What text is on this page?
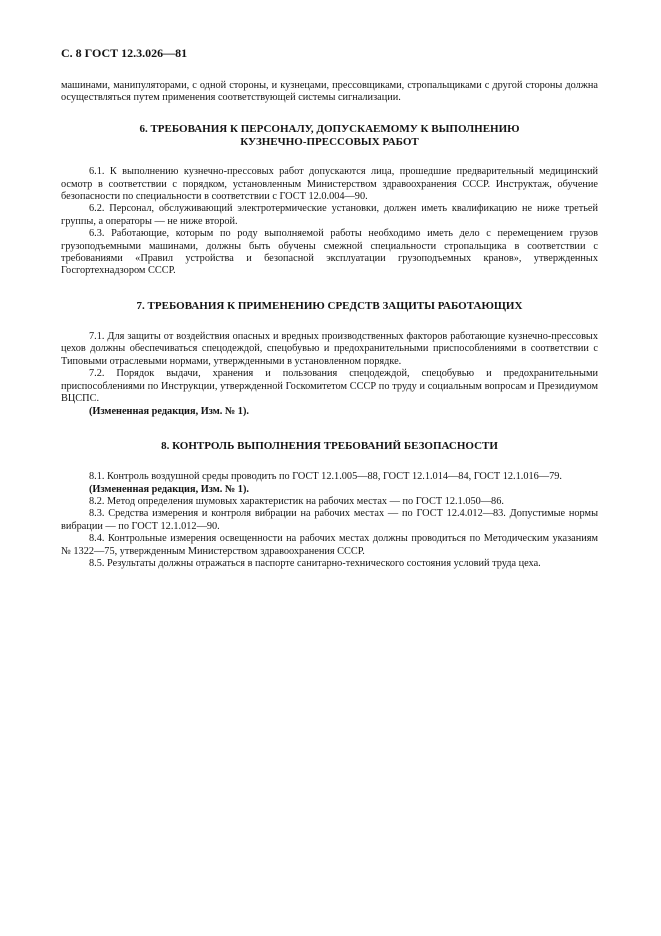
С. 8 ГОСТ 12.3.026—81

машинами, манипуляторами, с одной стороны, и кузнецами, прессовщиками, стропальщиками с другой стороны должна осуществляться путем применения соответствующей системы сигнализации.

6. ТРЕБОВАНИЯ К ПЕРСОНАЛУ, ДОПУСКАЕМОМУ К ВЫПОЛНЕНИЮ

КУЗНЕЧНО-ПРЕССОВЫХ РАБОТ

6.1. К выполнению кузнечно-прессовых работ допускаются лица, прошедшие предварительный медицинский осмотр в соответствии с порядком, установленным Министерством здравоохранения СССР. Инструктаж, обучение безопасности по специальности в соответствии с ГОСТ 12.0.004—90.

6.2. Персонал, обслуживающий электротермические установки, должен иметь квалификацию не ниже третьей группы, а операторы — не ниже второй.

6.3. Работающие, которым по роду выполняемой работы необходимо иметь дело с перемещением грузов грузоподъемными машинами, должны быть обучены смежной специальности стропальщика в соответствии с требованиями «Правил устройства и безопасной эксплуатации грузоподъемных кранов», утвержденных Госгортехнадзором СССР.

7. ТРЕБОВАНИЯ К ПРИМЕНЕНИЮ СРЕДСТВ ЗАЩИТЫ РАБОТАЮЩИХ

7.1. Для защиты от воздействия опасных и вредных производственных факторов работающие кузнечно-прессовых цехов должны обеспечиваться спецодеждой, спецобувью и предохранительными приспособлениями в соответствии с Типовыми отраслевыми нормами, утвержденными в установленном порядке.

7.2. Порядок выдачи, хранения и пользования спецодеждой, спецобувью и предохранительными приспособлениями по Инструкции, утвержденной Госкомитетом СССР по труду и социальным вопросам и Президиумом ВЦСПС.

(Измененная редакция, Изм. № 1).

8. КОНТРОЛЬ ВЫПОЛНЕНИЯ ТРЕБОВАНИЙ БЕЗОПАСНОСТИ

8.1. Контроль воздушной среды проводить по ГОСТ 12.1.005—88, ГОСТ 12.1.014—84, ГОСТ 12.1.016—79.

(Измененная редакция, Изм. № 1).

8.2. Метод определения шумовых характеристик на рабочих местах — по ГОСТ 12.1.050—86.

8.3. Средства измерения и контроля вибрации на рабочих местах — по ГОСТ 12.4.012—83. Допустимые нормы вибрации — по ГОСТ 12.1.012—90.

8.4. Контрольные измерения освещенности на рабочих местах должны проводиться по Методическим указаниям № 1322—75, утвержденным Министерством здравоохранения СССР.

8.5. Результаты должны отражаться в паспорте санитарно-технического состояния условий труда цеха.
